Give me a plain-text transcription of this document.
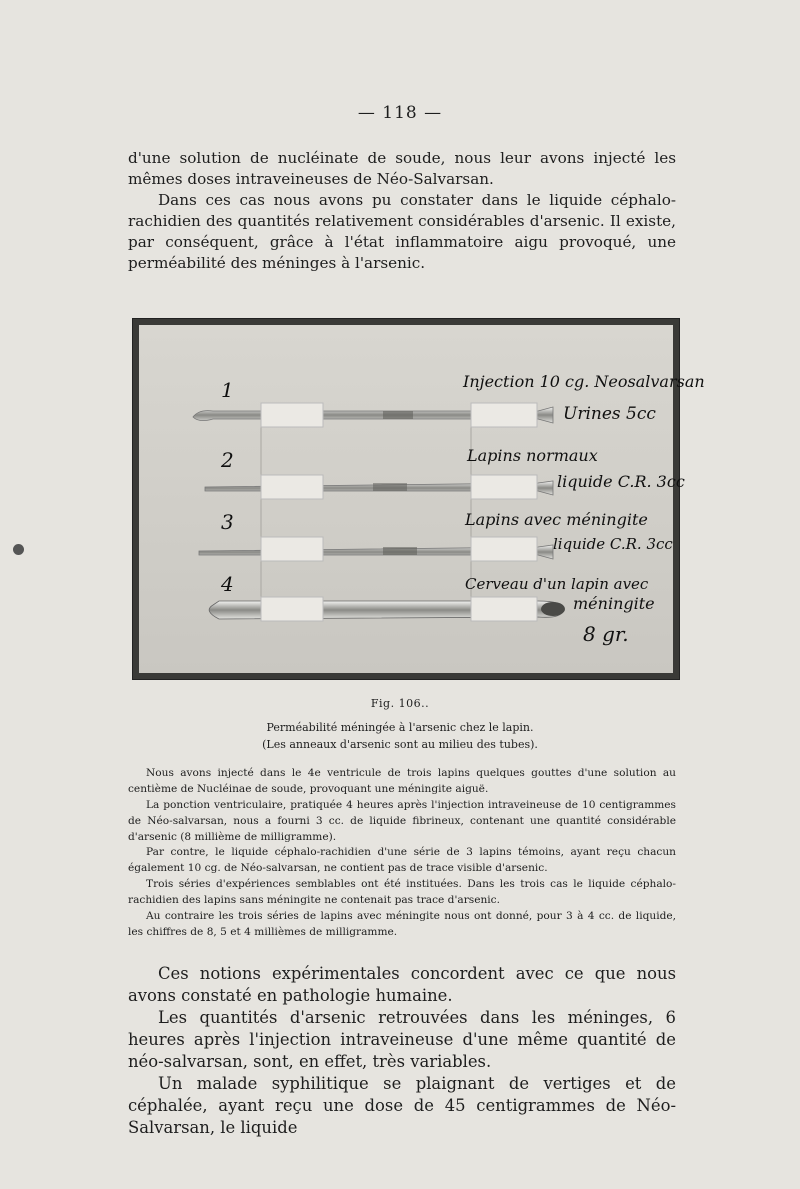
— 118 —

d'une solution de nucléinate de soude, nous leur avons injecté les mêmes doses intraveineuses de Néo-Salvarsan.

Dans ces cas nous avons pu constater dans le liquide céphalo-rachidien des quantités relativement considérables d'arsenic. Il existe, par conséquent, grâce à l'état inflammatoire aigu provoqué, une perméabilité des méninges à l'arsenic.

1
2
3
4
Injection 10 cg. Neosalvarsan
Urines 5cc
Lapins normaux
liquide C.R. 3cc
Lapins avec méningite
liquide C.R. 3cc
Cerveau d'un lapin avec
méningite
8 gr.
Fig. 106..
Perméabilité méningée à l'arsenic chez le lapin.
(Les anneaux d'arsenic sont au milieu des tubes).

Nous avons injecté dans le 4e ventricule de trois lapins quelques gouttes d'une solution au centième de Nucléinae de soude, provoquant une méningite aiguë.

La ponction ventriculaire, pratiquée 4 heures après l'injection intraveineuse de 10 centigrammes de Néo-salvarsan, nous a fourni 3 cc. de liquide fibrineux, contenant une quantité considérable d'arsenic (8 millième de milligramme).

Par contre, le liquide céphalo-rachidien d'une série de 3 lapins témoins, ayant reçu chacun également 10 cg. de Néo-salvarsan, ne contient pas de trace visible d'arsenic.

Trois séries d'expériences semblables ont été instituées. Dans les trois cas le liquide céphalo-rachidien des lapins sans méningite ne contenait pas trace d'arsenic.

Au contraire les trois séries de lapins avec méningite nous ont donné, pour 3 à 4 cc. de liquide, les chiffres de 8, 5 et 4 millièmes de milligramme.

Ces notions expérimentales concordent avec ce que nous avons constaté en pathologie humaine.

Les quantités d'arsenic retrouvées dans les méninges, 6 heures après l'injection intraveineuse d'une même quantité de néo-salvarsan, sont, en effet, très variables.

Un malade syphilitique se plaignant de vertiges et de céphalée, ayant reçu une dose de 45 centigrammes de Néo-Salvarsan, le liquide
